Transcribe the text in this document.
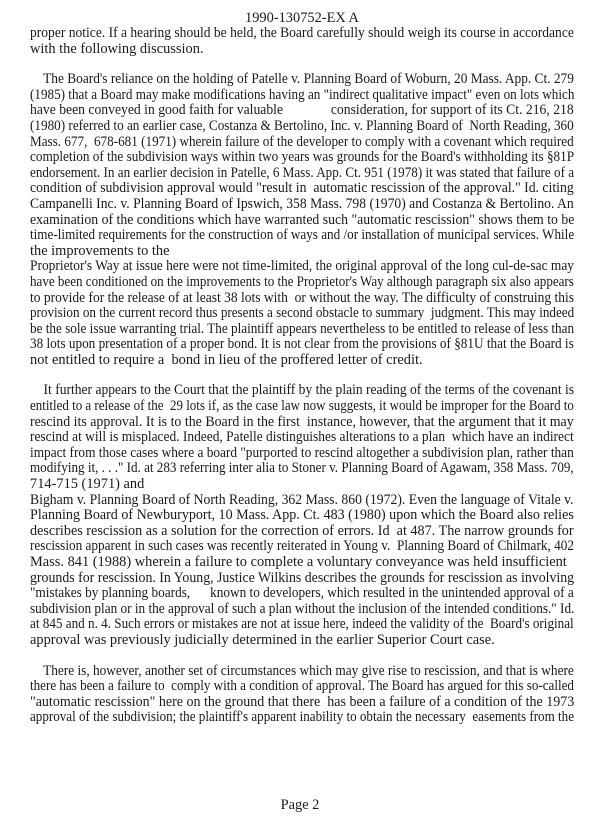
1990-130752-EX A
proper notice. If a hearing should be held, the Board carefully should weigh its course in accordance
with the following discussion.
The Board's reliance on the holding of Patelle v. Planning Board of Woburn, 20 Mass. App. Ct. 279
(1985) that a Board may make modifications having an "indirect qualitative impact" even on lots which
have been conveyed in good faith for valuable              consideration, for support of its Ct. 216, 218
(1980) referred to an earlier case, Costanza & Bertolino, Inc. v. Planning Board of  North Reading, 360
Mass. 677,  678-681 (1971) wherein failure of the developer to comply with a covenant which required
completion of the subdivision ways within two years was grounds for the Board's withholding its §81P
endorsement. In an earlier decision in Patelle, 6 Mass. App. Ct. 951 (1978) it was stated that failure of a
condition of subdivision approval would "result in  automatic rescission of the approval." Id. citing
Campanelli Inc. v. Planning Board of Ipswich, 358 Mass. 798 (1970) and Costanza & Bertolino. An
examination of the conditions which have warranted such "automatic rescission" shows them to be
time-limited requirements for the construction of ways and /or installation of municipal services. While
the improvements to the
Proprietor's Way at issue here were not time-limited, the original approval of the long cul-de-sac may
have been conditioned on the improvements to the Proprietor's Way although paragraph six also appears
to provide for the release of at least 38 lots with  or without the way. The difficulty of construing this
provision on the current record thus presents a second obstacle to summary  judgment. This may indeed
be the sole issue warranting trial. The plaintiff appears nevertheless to be entitled to release of less than
38 lots upon presentation of a proper bond. It is not clear from the provisions of §81U that the Board is
not entitled to require a  bond in lieu of the proffered letter of credit.
It further appears to the Court that the plaintiff by the plain reading of the terms of the covenant is
entitled to a release of the  29 lots if, as the case law now suggests, it would be improper for the Board to
rescind its approval. It is to the Board in the first  instance, however, that the argument that it may
rescind at will is misplaced. Indeed, Patelle distinguishes alterations to a plan  which have an indirect
impact from those cases where a board "purported to rescind altogether a subdivision plan, rather than
modifying it, . . ." Id. at 283 referring inter alia to Stoner v. Planning Board of Agawam, 358 Mass. 709,
714-715 (1971) and
Bigham v. Planning Board of North Reading, 362 Mass. 860 (1972). Even the language of Vitale v.
Planning Board of Newburyport, 10 Mass. App. Ct. 483 (1980) upon which the Board also relies
describes rescission as a solution for the correction of errors. Id  at 487. The narrow grounds for
rescission apparent in such cases was recently reiterated in Young v.  Planning Board of Chilmark, 402
Mass. 841 (1988) wherein a failure to complete a voluntary conveyance was held insufficient
grounds for rescission. In Young, Justice Wilkins describes the grounds for rescission as involving
"mistakes by planning boards,      known to developers, which resulted in the unintended approval of a
subdivision plan or in the approval of such a plan without the inclusion of the intended conditions." Id.
at 845 and n. 4. Such errors or mistakes are not at issue here, indeed the validity of the  Board's original
approval was previously judicially determined in the earlier Superior Court case.
There is, however, another set of circumstances which may give rise to rescission, and that is where
there has been a failure to  comply with a condition of approval. The Board has argued for this so-called
"automatic rescission" here on the ground that there  has been a failure of a condition of the 1973
approval of the subdivision; the plaintiff's apparent inability to obtain the necessary  easements from the
Page 2
